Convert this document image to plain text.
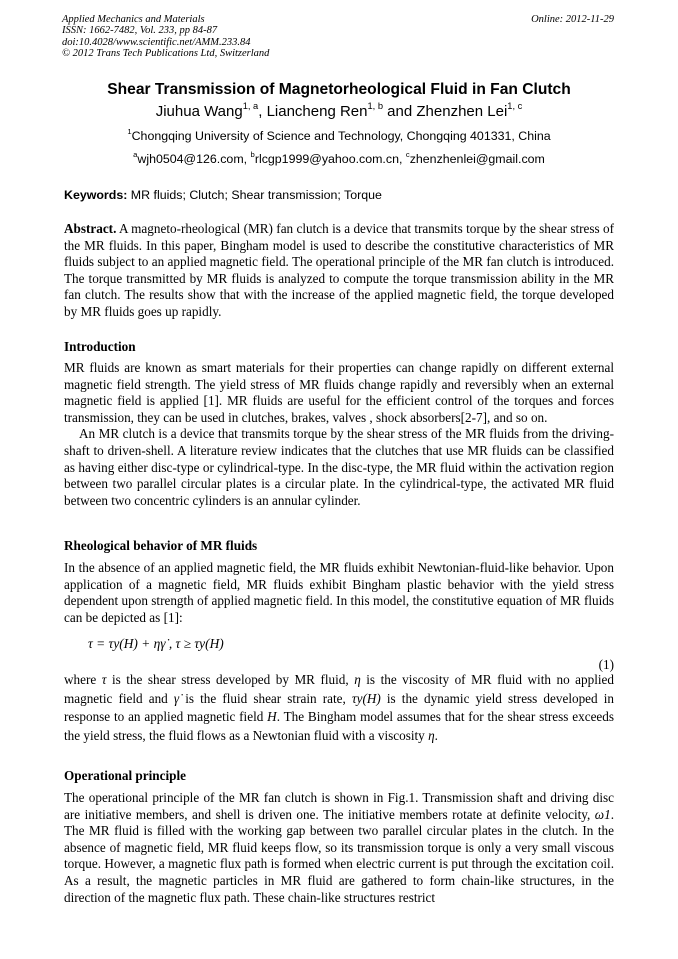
Applied Mechanics and Materials
ISSN: 1662-7482, Vol. 233, pp 84-87
doi:10.4028/www.scientific.net/AMM.233.84
© 2012 Trans Tech Publications Ltd, Switzerland
Online: 2012-11-29
Shear Transmission of Magnetorheological Fluid in Fan Clutch
Jiuhua Wang$^{1, a}$, Liancheng Ren$^{1, b}$ and Zhenzhen Lei$^{1, c}$
$^1$Chongqing University of Science and Technology, Chongqing 401331, China
$^a$wjh0504@126.com, $^b$rlcgp1999@yahoo.com.cn, $^c$zhenzhenlei@gmail.com
Keywords: MR fluids; Clutch; Shear transmission; Torque

Abstract. A magneto-rheological (MR) fan clutch is a device that transmits torque by the shear stress of the MR fluids. In this paper, Bingham model is used to describe the constitutive characteristics of MR fluids subject to an applied magnetic field. The operational principle of the MR fan clutch is introduced. The torque transmitted by MR fluids is analyzed to compute the torque transmission ability in the MR fan clutch. The results show that with the increase of the applied magnetic field, the torque developed by MR fluids goes up rapidly.

Introduction

MR fluids are known as smart materials for their properties can change rapidly on different external magnetic field strength. The yield stress of MR fluids change rapidly and reversibly when an external magnetic field is applied [1]. MR fluids are useful for the efficient control of the torques and forces transmission, they can be used in clutches, brakes, valves , shock absorbers[2-7], and so on.

An MR clutch is a device that transmits torque by the shear stress of the MR fluids from the driving-shaft to driven-shell. A literature review indicates that the clutches that use MR fluids can be classified as having either disc-type or cylindrical-type. In the disc-type, the MR fluid within the activation region between two parallel circular plates is a circular plate. In the cylindrical-type, the activated MR fluid between two concentric cylinders is an annular cylinder.

Rheological behavior of MR fluids

In the absence of an applied magnetic field, the MR fluids exhibit Newtonian-fluid-like behavior. Upon application of a magnetic field, MR fluids exhibit Bingham plastic behavior with the yield stress dependent upon strength of applied magnetic field. In this model, the constitutive equation of MR fluids can be depicted as [1]:

τ = τy(H) + ηγ̇ , τ ≥ τy(H)
(1)

where τ is the shear stress developed by MR fluid, η is the viscosity of MR fluid with no applied magnetic field and γ̇ is the fluid shear strain rate, τy(H) is the dynamic yield stress developed in response to an applied magnetic field H. The Bingham model assumes that for the shear stress exceeds the yield stress, the fluid flows as a Newtonian fluid with a viscosity η.

Operational principle

The operational principle of the MR fan clutch is shown in Fig.1. Transmission shaft and driving disc are initiative members, and shell is driven one. The initiative members rotate at definite velocity, ω1. The MR fluid is filled with the working gap between two parallel circular plates in the clutch. In the absence of magnetic field, MR fluid keeps flow, so its transmission torque is only a very small viscous torque. However, a magnetic flux path is formed when electric current is put through the excitation coil. As a result, the magnetic particles in MR fluid are gathered to form chain-like structures, in the direction of the magnetic flux path. These chain-like structures restrict
